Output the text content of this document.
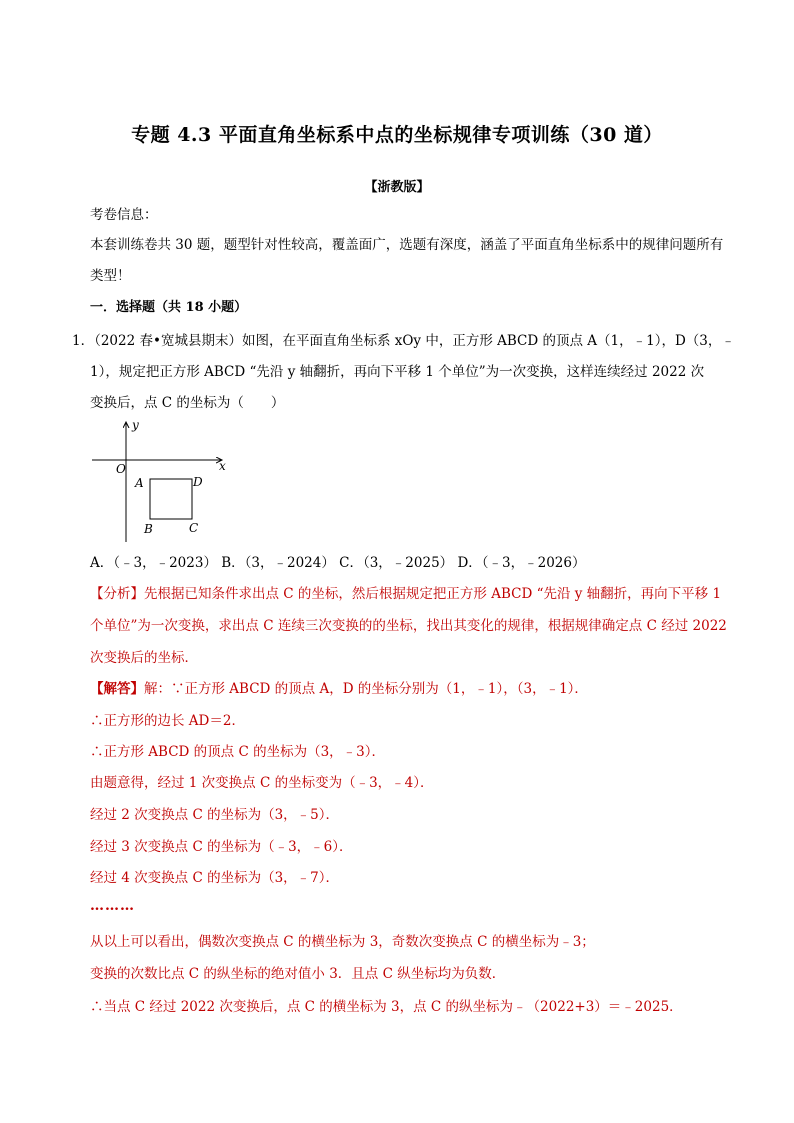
专题 4.3 平面直角坐标系中点的坐标规律专项训练（30 道）
【浙教版】
考卷信息：
本套训练卷共 30 题，题型针对性较高，覆盖面广，选题有深度，涵盖了平面直角坐标系中的规律问题所有
类型！
一．选择题（共 18 小题）
1．（2022 春•宽城县期末）如图，在平面直角坐标系 xOy 中，正方形 ABCD 的顶点 A（1，﹣1），D（3，﹣
1），规定把正方形 ABCD “先沿 y 轴翻折，再向下平移 1 个单位”为一次变换，这样连续经过 2022 次
变换后，点 C 的坐标为（　　）
y
x
O
A	D
B	C
A．（﹣3，﹣2023） B．（3，﹣2024） C．（3，﹣2025） D．（﹣3，﹣2026）
【分析】先根据已知条件求出点 C 的坐标，然后根据规定把正方形 ABCD “先沿 y 轴翻折，再向下平移 1
个单位”为一次变换，求出点 C 连续三次变换的的坐标，找出其变化的规律，根据规律确定点 C 经过 2022
次变换后的坐标．
【解答】解：∵正方形 ABCD 的顶点 A，D 的坐标分别为（1，﹣1），（3，﹣1）．
∴正方形的边长 AD＝2．
∴正方形 ABCD 的顶点 C 的坐标为（3，﹣3）．
由题意得，经过 1 次变换点 C 的坐标变为（﹣3，﹣4）．
经过 2 次变换点 C 的坐标为（3，﹣5）．
经过 3 次变换点 C 的坐标为（﹣3，﹣6）．
经过 4 次变换点 C 的坐标为（3，﹣7）．
………
从以上可以看出，偶数次变换点 C 的横坐标为 3，奇数次变换点 C 的横坐标为﹣3；
变换的次数比点 C 的纵坐标的绝对值小 3．且点 C 纵坐标均为负数．
∴当点 C 经过 2022 次变换后，点 C 的横坐标为 3，点 C 的纵坐标为﹣（2022+3）＝﹣2025．
